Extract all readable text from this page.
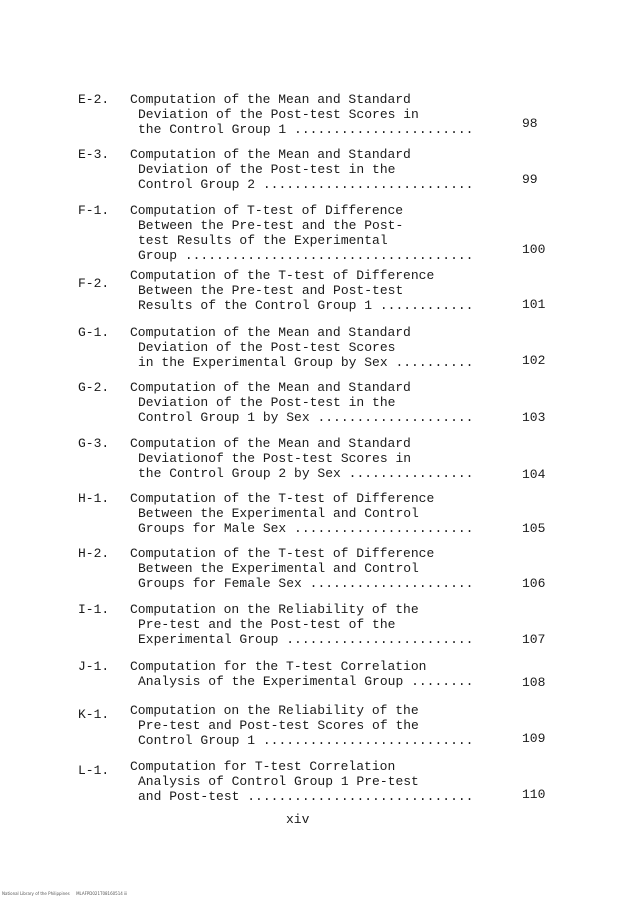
E-2. Computation of the Mean and Standard
Deviation of the Post-test Scores in
the Control Group 1 .......................	98
E-3. Computation of the Mean and Standard
Deviation of the Post-test in the
Control Group 2 ...........................	99
F-1. Computation of T-test of Difference
Between the Pre-test and the Post-
test Results of the Experimental
Group .....................................	100
F-2.
Computation of the T-test of Difference
Between the Pre-test and Post-test
Results of the Control Group 1 ............	101
G-1. Computation of the Mean and Standard
Deviation of the Post-test Scores
in the Experimental Group by Sex ..........	102
G-2. Computation of the Mean and Standard
Deviation of the Post-test in the
Control Group 1 by Sex ....................	103
G-3. Computation of the Mean and Standard
Deviationof the Post-test Scores in
the Control Group 2 by Sex ................	104
H-1. Computation of the T-test of Difference
Between the Experimental and Control
Groups for Male Sex .......................	105
H-2. Computation of the T-test of Difference
Between the Experimental and Control
Groups for Female Sex .....................	106
I-1. Computation on the Reliability of the
Pre-test and the Post-test of the
Experimental Group ........................	107
J-1. Computation for the T-test Correlation
Analysis of the Experimental Group ........	108
K-1. Computation on the Reliability of the
Pre-test and Post-test Scores of the
Control Group 1 ...........................	109
L-1. Computation for T-test Correlation
Analysis of Control Group 1 Pre-test
and Post-test .............................	110
xiv
National Library of the Philippines     MLAFPD021T08160514 iii
